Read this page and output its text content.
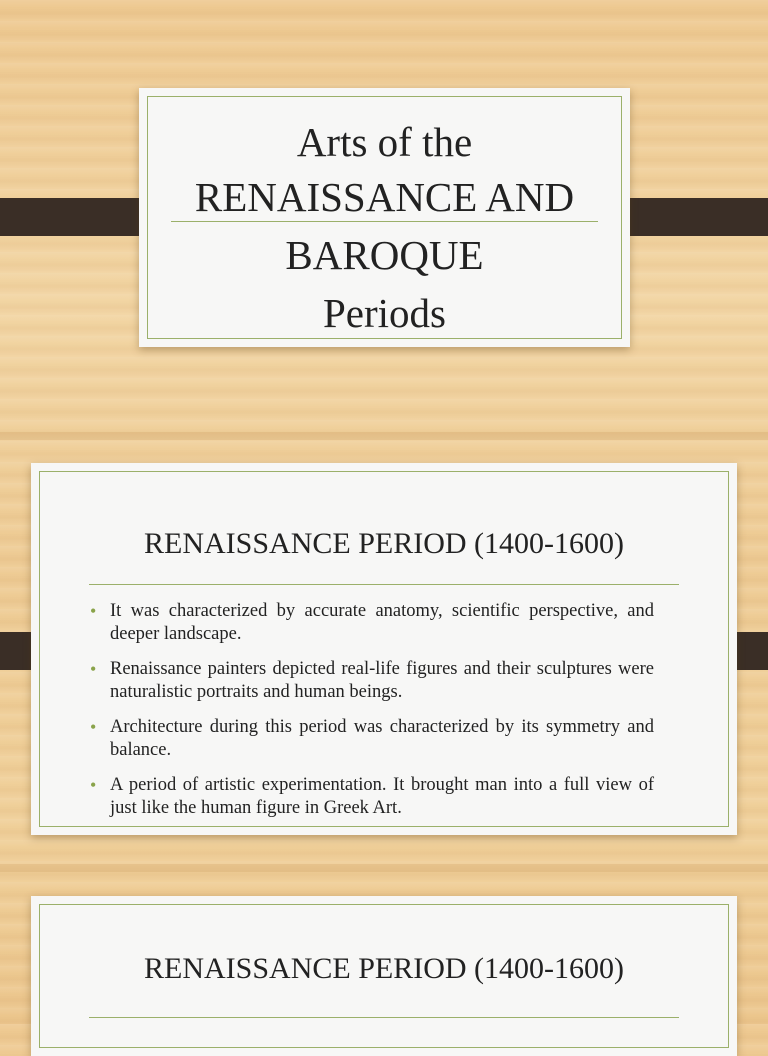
Arts of the
RENAISSANCE AND
BAROQUE
Periods
RENAISSANCE PERIOD (1400-1600)
• It was characterized by accurate anatomy, scientific perspective, and deeper landscape.
• Renaissance painters depicted real-life figures and their sculptures were naturalistic portraits and human beings.
• Architecture during this period was characterized by its symmetry and balance.
• A period of artistic experimentation. It brought man into a full view of just like the human figure in Greek Art.
RENAISSANCE PERIOD (1400-1600)
